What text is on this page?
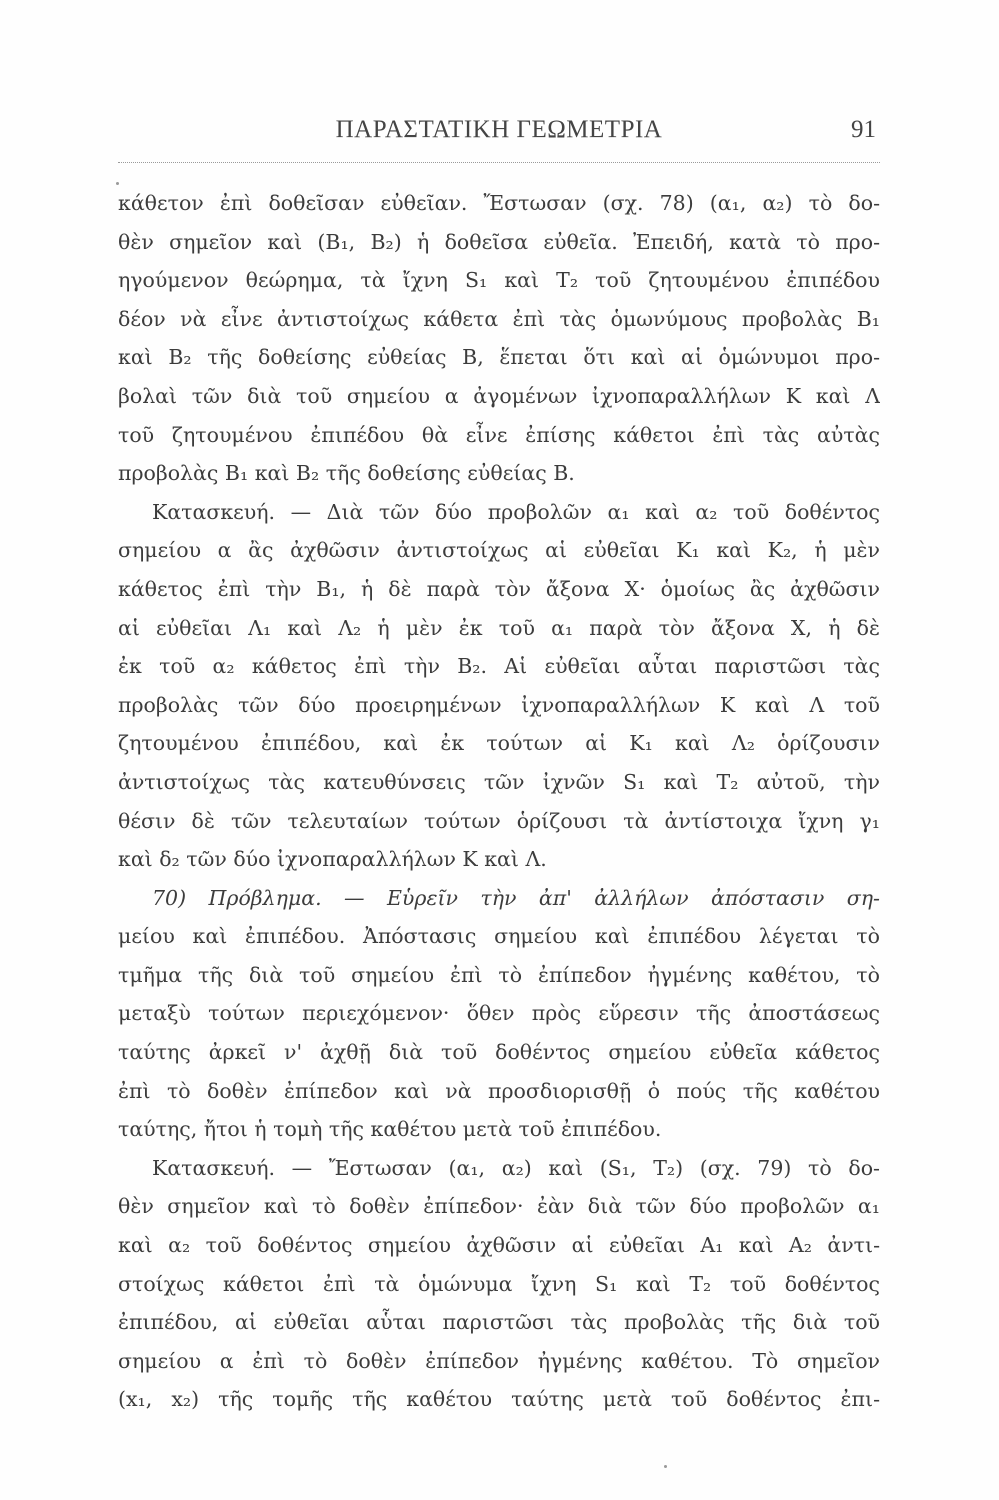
ΠΑΡΑΣΤΑΤΙΚΗ ΓΕΩΜΕΤΡΙΑ	91
κάθετον ἐπὶ δοθεῖσαν εὐθεῖαν. Ἔστωσαν (σχ. 78) (α₁, α₂) τὸ δο-
θὲν σημεῖον καὶ (B₁, B₂) ἡ δοθεῖσα εὐθεῖα. Ἐπειδή, κατὰ τὸ προ-
ηγούμενον θεώρημα, τὰ ἴχνη S₁ καὶ T₂ τοῦ ζητουμένου ἐπιπέδου
δέον νὰ εἶνε ἀντιστοίχως κάθετα ἐπὶ τὰς ὁμωνύμους προβολὰς B₁
καὶ B₂ τῆς δοθείσης εὐθείας B, ἕπεται ὅτι καὶ αἱ ὁμώνυμοι προ-
βολαὶ τῶν διὰ τοῦ σημείου α ἀγομένων ἰχνοπαραλλήλων K καὶ Λ
τοῦ ζητουμένου ἐπιπέδου θὰ εἶνε ἐπίσης κάθετοι ἐπὶ τὰς αὐτὰς
προβολὰς B₁ καὶ B₂ τῆς δοθείσης εὐθείας B.
Κατασκευή. — Διὰ τῶν δύο προβολῶν α₁ καὶ α₂ τοῦ δοθέντος
σημείου α ἂς ἀχθῶσιν ἀντιστοίχως αἱ εὐθεῖαι K₁ καὶ K₂, ἡ μὲν
κάθετος ἐπὶ τὴν B₁, ἡ δὲ παρὰ τὸν ἄξονα X· ὁμοίως ἂς ἀχθῶσιν
αἱ εὐθεῖαι Λ₁ καὶ Λ₂ ἡ μὲν ἐκ τοῦ α₁ παρὰ τὸν ἄξονα X, ἡ δὲ
ἐκ τοῦ α₂ κάθετος ἐπὶ τὴν B₂. Αἱ εὐθεῖαι αὗται παριστῶσι τὰς
προβολὰς τῶν δύο προειρημένων ἰχνοπαραλλήλων K καὶ Λ τοῦ
ζητουμένου ἐπιπέδου, καὶ ἐκ τούτων αἱ K₁ καὶ Λ₂ ὁρίζουσιν
ἀντιστοίχως τὰς κατευθύνσεις τῶν ἰχνῶν S₁ καὶ T₂ αὐτοῦ, τὴν
θέσιν δὲ τῶν τελευταίων τούτων ὁρίζουσι τὰ ἀντίστοιχα ἴχνη γ₁
καὶ δ₂ τῶν δύο ἰχνοπαραλλήλων K καὶ Λ.
70) Πρόβλημα. — Εὑρεῖν τὴν ἀπ' ἀλλήλων ἀπόστασιν ση-
μείου καὶ ἐπιπέδου. Ἀπόστασις σημείου καὶ ἐπιπέδου λέγεται τὸ
τμῆμα τῆς διὰ τοῦ σημείου ἐπὶ τὸ ἐπίπεδον ἠγμένης καθέτου, τὸ
μεταξὺ τούτων περιεχόμενον· ὅθεν πρὸς εὕρεσιν τῆς ἀποστάσεως
ταύτης ἀρκεῖ ν' ἀχθῇ διὰ τοῦ δοθέντος σημείου εὐθεῖα κάθετος
ἐπὶ τὸ δοθὲν ἐπίπεδον καὶ νὰ προσδιορισθῇ ὁ πούς τῆς καθέτου
ταύτης, ἤτοι ἡ τομὴ τῆς καθέτου μετὰ τοῦ ἐπιπέδου.
Κατασκευή. — Ἔστωσαν (α₁, α₂) καὶ (S₁, T₂) (σχ. 79) τὸ δο-
θὲν σημεῖον καὶ τὸ δοθὲν ἐπίπεδον· ἐὰν διὰ τῶν δύο προβολῶν α₁
καὶ α₂ τοῦ δοθέντος σημείου ἀχθῶσιν αἱ εὐθεῖαι A₁ καὶ A₂ ἀντι-
στοίχως κάθετοι ἐπὶ τὰ ὁμώνυμα ἴχνη S₁ καὶ T₂ τοῦ δοθέντος
ἐπιπέδου, αἱ εὐθεῖαι αὗται παριστῶσι τὰς προβολὰς τῆς διὰ τοῦ
σημείου α ἐπὶ τὸ δοθὲν ἐπίπεδον ἠγμένης καθέτου. Τὸ σημεῖον
(x₁, x₂) τῆς τομῆς τῆς καθέτου ταύτης μετὰ τοῦ δοθέντος ἐπι-
